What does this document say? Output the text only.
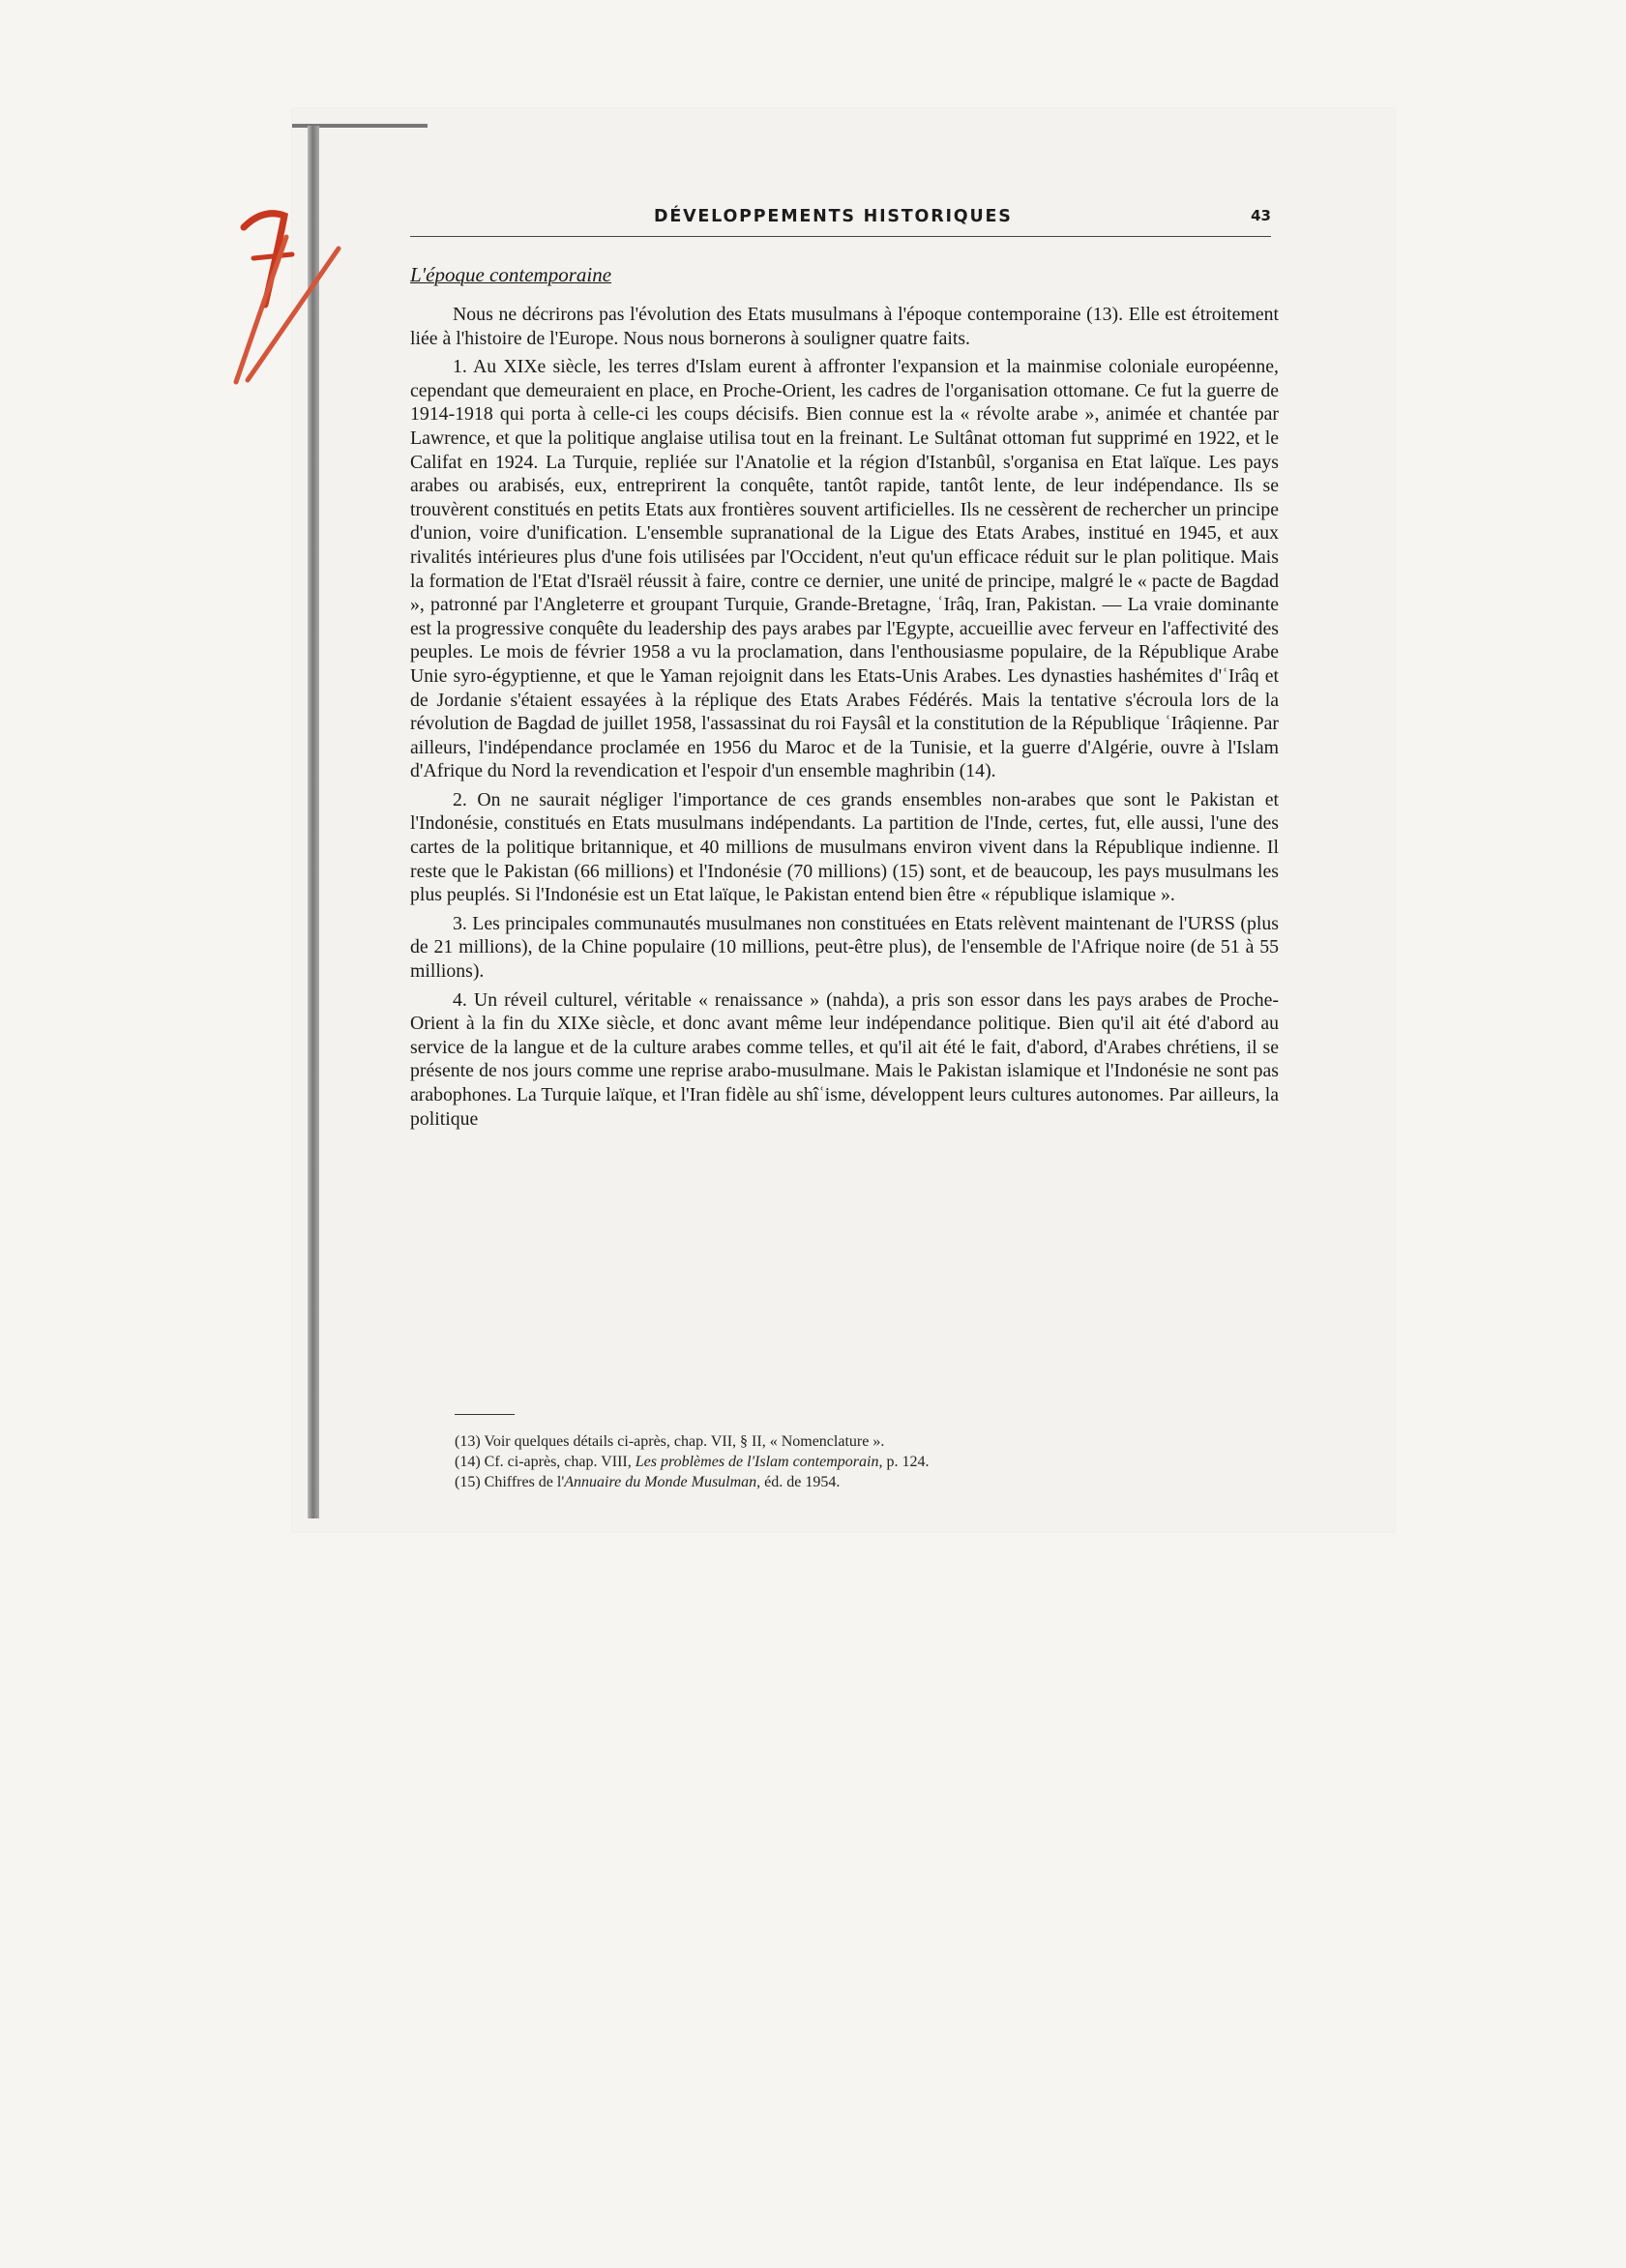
DÉVELOPPEMENTS HISTORIQUES	43
L'époque contemporaine

Nous ne décrirons pas l'évolution des Etats musulmans à l'époque contemporaine (13). Elle est étroitement liée à l'histoire de l'Europe. Nous nous bornerons à souligner quatre faits.

1. Au XIXe siècle, les terres d'Islam eurent à affronter l'expansion et la mainmise coloniale européenne, cependant que demeuraient en place, en Proche-Orient, les cadres de l'organisation ottomane. Ce fut la guerre de 1914-1918 qui porta à celle-ci les coups décisifs. Bien connue est la « révolte arabe », animée et chantée par Lawrence, et que la politique anglaise utilisa tout en la freinant. Le Sultânat ottoman fut supprimé en 1922, et le Califat en 1924. La Turquie, repliée sur l'Anatolie et la région d'Istanbûl, s'organisa en Etat laïque. Les pays arabes ou arabisés, eux, entreprirent la conquête, tantôt rapide, tantôt lente, de leur indépendance. Ils se trouvèrent constitués en petits Etats aux frontières souvent artificielles. Ils ne cessèrent de rechercher un principe d'union, voire d'unification. L'ensemble supranational de la Ligue des Etats Arabes, institué en 1945, et aux rivalités intérieures plus d'une fois utilisées par l'Occident, n'eut qu'un efficace réduit sur le plan politique. Mais la formation de l'Etat d'Israël réussit à faire, contre ce dernier, une unité de principe, malgré le « pacte de Bagdad », patronné par l'Angleterre et groupant Turquie, Grande-Bretagne, ʿIrâq, Iran, Pakistan. — La vraie dominante est la progressive conquête du leadership des pays arabes par l'Egypte, accueillie avec ferveur en l'affectivité des peuples. Le mois de février 1958 a vu la proclamation, dans l'enthousiasme populaire, de la République Arabe Unie syro-égyptienne, et que le Yaman rejoignit dans les Etats-Unis Arabes. Les dynasties hashémites d'ʿIrâq et de Jordanie s'étaient essayées à la réplique des Etats Arabes Fédérés. Mais la tentative s'écroula lors de la révolution de Bagdad de juillet 1958, l'assassinat du roi Faysâl et la constitution de la République ʿIrâqienne. Par ailleurs, l'indépendance proclamée en 1956 du Maroc et de la Tunisie, et la guerre d'Algérie, ouvre à l'Islam d'Afrique du Nord la revendication et l'espoir d'un ensemble maghribin (14).

2. On ne saurait négliger l'importance de ces grands ensembles non-arabes que sont le Pakistan et l'Indonésie, constitués en Etats musulmans indépendants. La partition de l'Inde, certes, fut, elle aussi, l'une des cartes de la politique britannique, et 40 millions de musulmans environ vivent dans la République indienne. Il reste que le Pakistan (66 millions) et l'Indonésie (70 millions) (15) sont, et de beaucoup, les pays musulmans les plus peuplés. Si l'Indonésie est un Etat laïque, le Pakistan entend bien être « république islamique ».

3. Les principales communautés musulmanes non constituées en Etats relèvent maintenant de l'URSS (plus de 21 millions), de la Chine populaire (10 millions, peut-être plus), de l'ensemble de l'Afrique noire (de 51 à 55 millions).

4. Un réveil culturel, véritable « renaissance » (nahda), a pris son essor dans les pays arabes de Proche-Orient à la fin du XIXe siècle, et donc avant même leur indépendance politique. Bien qu'il ait été d'abord au service de la langue et de la culture arabes comme telles, et qu'il ait été le fait, d'abord, d'Arabes chrétiens, il se présente de nos jours comme une reprise arabo-musulmane. Mais le Pakistan islamique et l'Indonésie ne sont pas arabophones. La Turquie laïque, et l'Iran fidèle au shîʿisme, développent leurs cultures autonomes. Par ailleurs, la politique

(13) Voir quelques détails ci-après, chap. VII, § II, « Nomenclature ».
(14) Cf. ci-après, chap. VIII, Les problèmes de l'Islam contemporain, p. 124.
(15) Chiffres de l'Annuaire du Monde Musulman, éd. de 1954.
